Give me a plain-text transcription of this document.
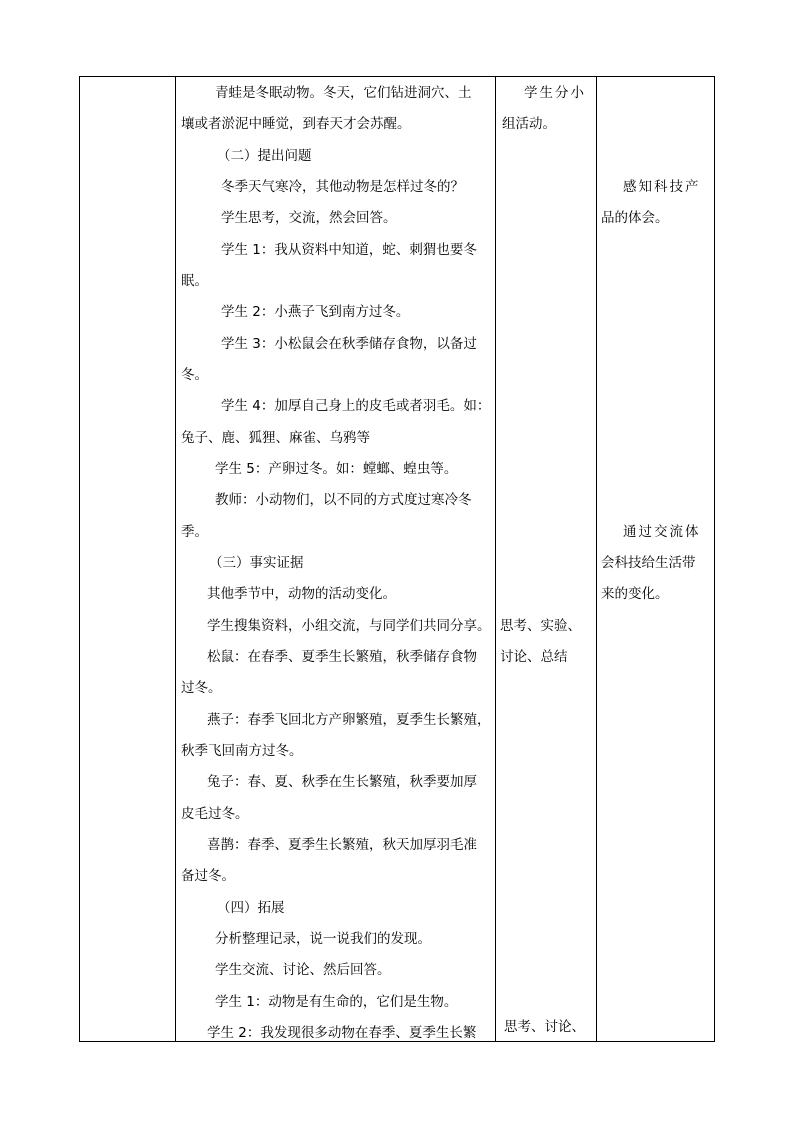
青蛙是冬眠动物。冬天，它们钻进洞穴、土
壤或者淤泥中睡觉，到春天才会苏醒。
（二）提出问题
冬季天气寒冷，其他动物是怎样过冬的？
学生思考，交流，然会回答。
学生 1：我从资料中知道，蛇、刺猬也要冬
眠。
学生 2：小燕子飞到南方过冬。
学生 3：小松鼠会在秋季储存食物，以备过
冬。
学生 4：加厚自己身上的皮毛或者羽毛。如：
兔子、鹿、狐狸、麻雀、乌鸦等
学生 5：产卵过冬。如：螳螂、蝗虫等。
教师：小动物们，以不同的方式度过寒冷冬
季。
（三）事实证据
其他季节中，动物的活动变化。
学生搜集资料，小组交流，与同学们共同分享。
松鼠：在春季、夏季生长繁殖，秋季储存食物
过冬。
燕子：春季飞回北方产卵繁殖，夏季生长繁殖，
秋季飞回南方过冬。
兔子：春、夏、秋季在生长繁殖，秋季要加厚
皮毛过冬。
喜鹊：春季、夏季生长繁殖，秋天加厚羽毛准
备过冬。
（四）拓展
分析整理记录，说一说我们的发现。
学生交流、讨论、然后回答。
学生 1：动物是有生命的，它们是生物。
学生 2：我发现很多动物在春季、夏季生长繁
学生分小
组活动。
思考、实验、
讨论、总结
思考、讨论、
感知科技产
品的体会。
通过交流体
会科技给生活带
来的变化。
